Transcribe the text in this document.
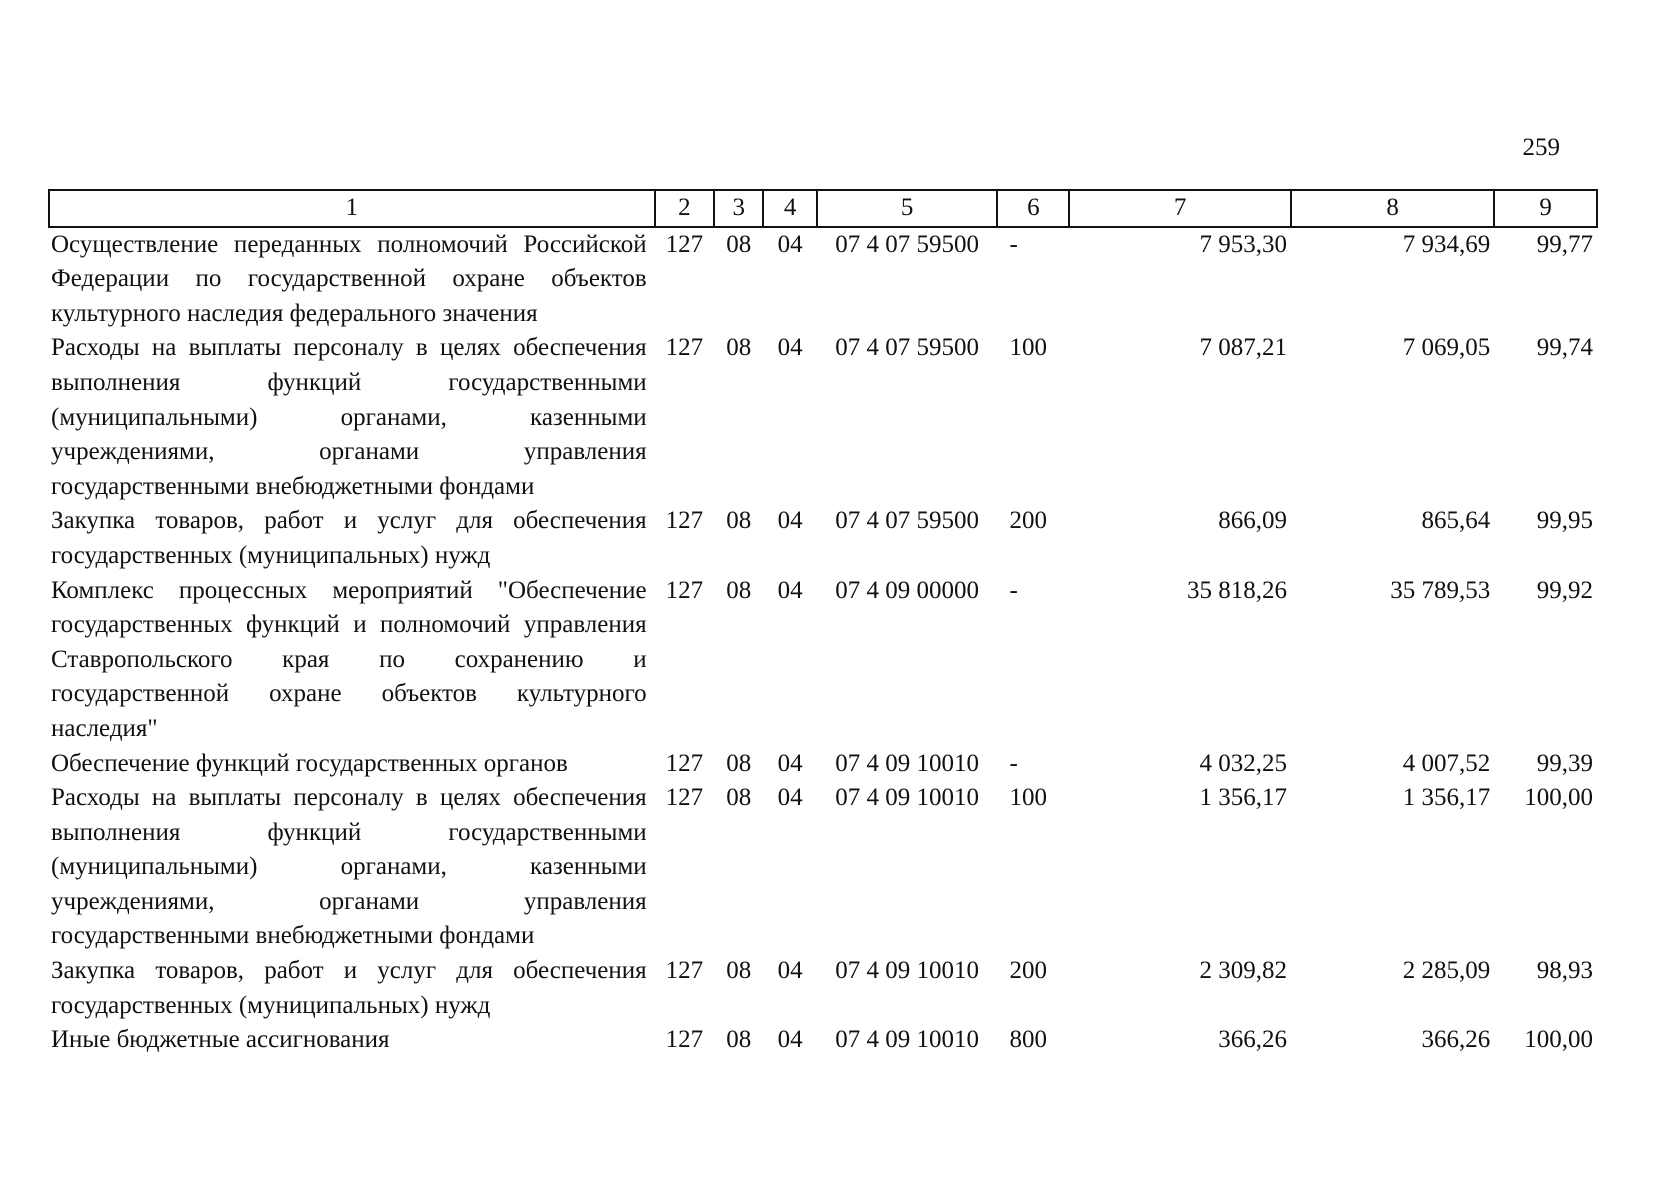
259
1	2	3	4	5	6	7	8	9
Осуществление переданных полномочий Российской Федерации по государственной охране объектов культурного наследия федерального значения	127	08	04	07 4 07 59500	-	7 953,30	7 934,69	99,77
Расходы на выплаты персоналу в целях обеспечения выполнения функций государственными (муниципальными) органами, казенными учреждениями, органами управления государственными внебюджетными фондами	127	08	04	07 4 07 59500	100	7 087,21	7 069,05	99,74
Закупка товаров, работ и услуг для обеспечения государственных (муниципальных) нужд	127	08	04	07 4 07 59500	200	866,09	865,64	99,95
Комплекс процессных мероприятий "Обеспечение государственных функций и полномочий управления Ставропольского края по сохранению и государственной охране объектов культурного наследия"	127	08	04	07 4 09 00000	-	35 818,26	35 789,53	99,92
Обеспечение функций государственных органов	127	08	04	07 4 09 10010	-	4 032,25	4 007,52	99,39
Расходы на выплаты персоналу в целях обеспечения выполнения функций государственными (муниципальными) органами, казенными учреждениями, органами управления государственными внебюджетными фондами	127	08	04	07 4 09 10010	100	1 356,17	1 356,17	100,00
Закупка товаров, работ и услуг для обеспечения государственных (муниципальных) нужд	127	08	04	07 4 09 10010	200	2 309,82	2 285,09	98,93
Иные бюджетные ассигнования	127	08	04	07 4 09 10010	800	366,26	366,26	100,00
